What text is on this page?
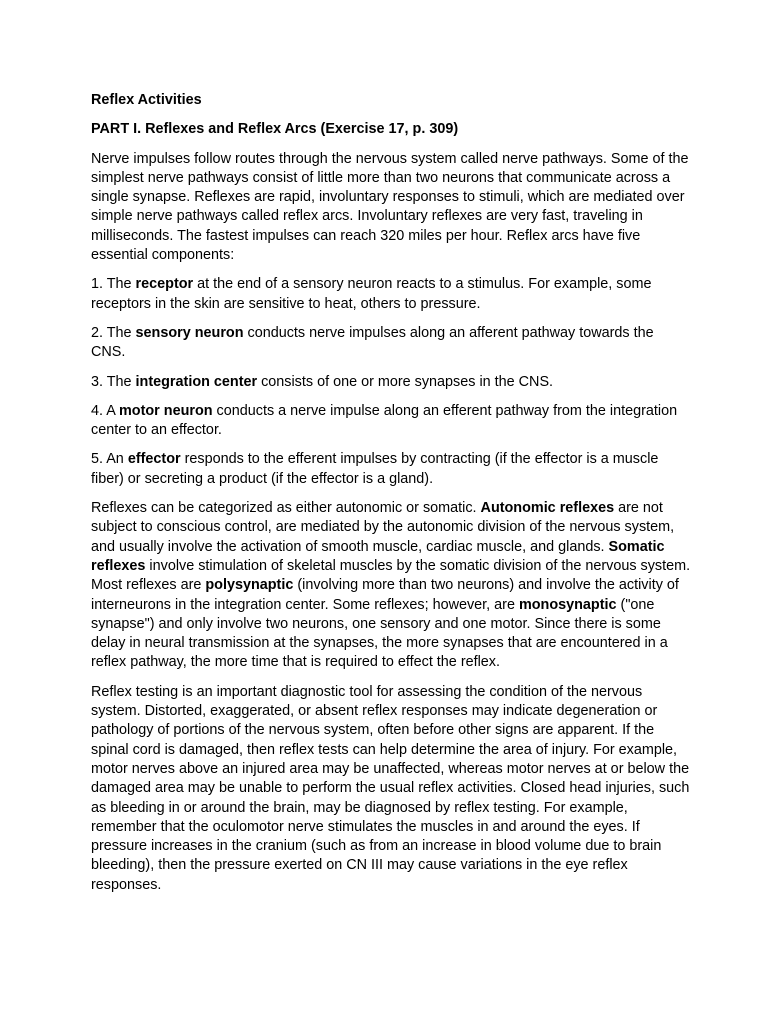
Reflex Activities

PART I. Reflexes and Reflex Arcs (Exercise 17, p. 309)

Nerve impulses follow routes through the nervous system called nerve pathways. Some of the simplest nerve pathways consist of little more than two neurons that communicate across a single synapse. Reflexes are rapid, involuntary responses to stimuli, which are mediated over simple nerve pathways called reflex arcs. Involuntary reflexes are very fast, traveling in milliseconds. The fastest impulses can reach 320 miles per hour. Reflex arcs have five essential components:

1. The receptor at the end of a sensory neuron reacts to a stimulus. For example, some receptors in the skin are sensitive to heat, others to pressure.

2. The sensory neuron conducts nerve impulses along an afferent pathway towards the CNS.

3. The integration center consists of one or more synapses in the CNS.

4. A motor neuron conducts a nerve impulse along an efferent pathway from the integration center to an effector.

5. An effector responds to the efferent impulses by contracting (if the effector is a muscle fiber) or secreting a product (if the effector is a gland).

Reflexes can be categorized as either autonomic or somatic. Autonomic reflexes are not subject to conscious control, are mediated by the autonomic division of the nervous system, and usually involve the activation of smooth muscle, cardiac muscle, and glands. Somatic reflexes involve stimulation of skeletal muscles by the somatic division of the nervous system. Most reflexes are polysynaptic (involving more than two neurons) and involve the activity of interneurons in the integration center. Some reflexes; however, are monosynaptic ("one synapse") and only involve two neurons, one sensory and one motor. Since there is some delay in neural transmission at the synapses, the more synapses that are encountered in a reflex pathway, the more time that is required to effect the reflex.

Reflex testing is an important diagnostic tool for assessing the condition of the nervous system. Distorted, exaggerated, or absent reflex responses may indicate degeneration or pathology of portions of the nervous system, often before other signs are apparent. If the spinal cord is damaged, then reflex tests can help determine the area of injury. For example, motor nerves above an injured area may be unaffected, whereas motor nerves at or below the damaged area may be unable to perform the usual reflex activities. Closed head injuries, such as bleeding in or around the brain, may be diagnosed by reflex testing. For example, remember that the oculomotor nerve stimulates the muscles in and around the eyes. If pressure increases in the cranium (such as from an increase in blood volume due to brain bleeding), then the pressure exerted on CN III may cause variations in the eye reflex responses.
